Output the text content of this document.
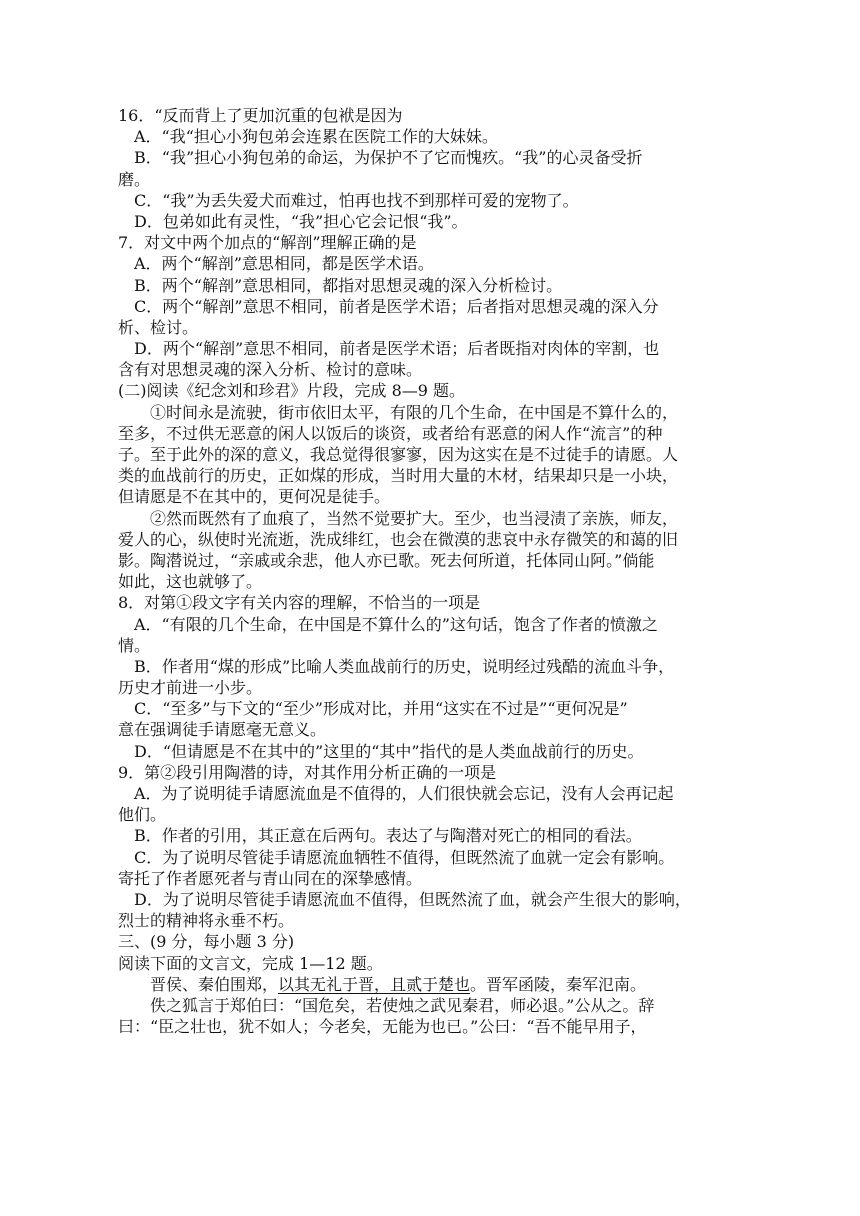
16．“反而背上了更加沉重的包袱是因为
A．“我“担心小狗包弟会连累在医院工作的大妹妹。
B．“我”担心小狗包弟的命运，为保护不了它而愧疚。“我”的心灵备受折
磨。
C．“我”为丢失爱犬而难过，怕再也找不到那样可爱的宠物了。
D．包弟如此有灵性，“我”担心它会记恨“我”。
7．对文中两个加点的“解剖”理解正确的是
A．两个“解剖”意思相同，都是医学术语。
B．两个“解剖”意思相同，都指对思想灵魂的深入分析检讨。
C．两个“解剖”意思不相同，前者是医学术语；后者指对思想灵魂的深入分
析、检讨。
D．两个“解剖”意思不相同，前者是医学术语；后者既指对肉体的宰割，也
含有对思想灵魂的深入分析、检讨的意味。
(二)阅读《纪念刘和珍君》片段，完成 8—9 题。
①时间永是流驶，街市依旧太平，有限的几个生命，在中国是不算什么的，
至多，不过供无恶意的闲人以饭后的谈资，或者给有恶意的闲人作“流言”的种
子。至于此外的深的意义，我总觉得很寥寥，因为这实在是不过徒手的请愿。人
类的血战前行的历史，正如煤的形成，当时用大量的木材，结果却只是一小块，
但请愿是不在其中的，更何况是徒手。
②然而既然有了血痕了，当然不觉要扩大。至少，也当浸渍了亲族，师友，
爱人的心，纵使时光流逝，洗成绯红，也会在微漠的悲哀中永存微笑的和蔼的旧
影。陶潜说过，“亲戚或余悲，他人亦已歌。死去何所道，托体同山阿。”倘能
如此，这也就够了。
8．对第①段文字有关内容的理解，不恰当的一项是
A．“有限的几个生命，在中国是不算什么的”这句话，饱含了作者的愤激之
情。
B．作者用“煤的形成”比喻人类血战前行的历史，说明经过残酷的流血斗争，
历史才前进一小步。
C．“至多”与下文的“至少”形成对比，并用“这实在不过是”“更何况是”
意在强调徒手请愿毫无意义。
D．“但请愿是不在其中的”这里的“其中”指代的是人类血战前行的历史。
9．第②段引用陶潜的诗，对其作用分析正确的一项是
A．为了说明徒手请愿流血是不值得的，人们很快就会忘记，没有人会再记起
他们。
B．作者的引用，其正意在后两句。表达了与陶潜对死亡的相同的看法。
C．为了说明尽管徒手请愿流血牺牲不值得，但既然流了血就一定会有影响。
寄托了作者愿死者与青山同在的深挚感情。
D．为了说明尽管徒手请愿流血不值得，但既然流了血，就会产生很大的影响，
烈士的精神将永垂不朽。
三、(9 分，每小题 3 分)
阅读下面的文言文，完成 1—12 题。
晋侯、秦伯围郑，以其无礼于晋，且贰于楚也。晋军函陵，秦军氾南。
佚之狐言于郑伯曰：“国危矣，若使烛之武见秦君，师必退。”公从之。辞
曰：“臣之壮也，犹不如人；今老矣，无能为也已。”公曰：“吾不能早用子，
